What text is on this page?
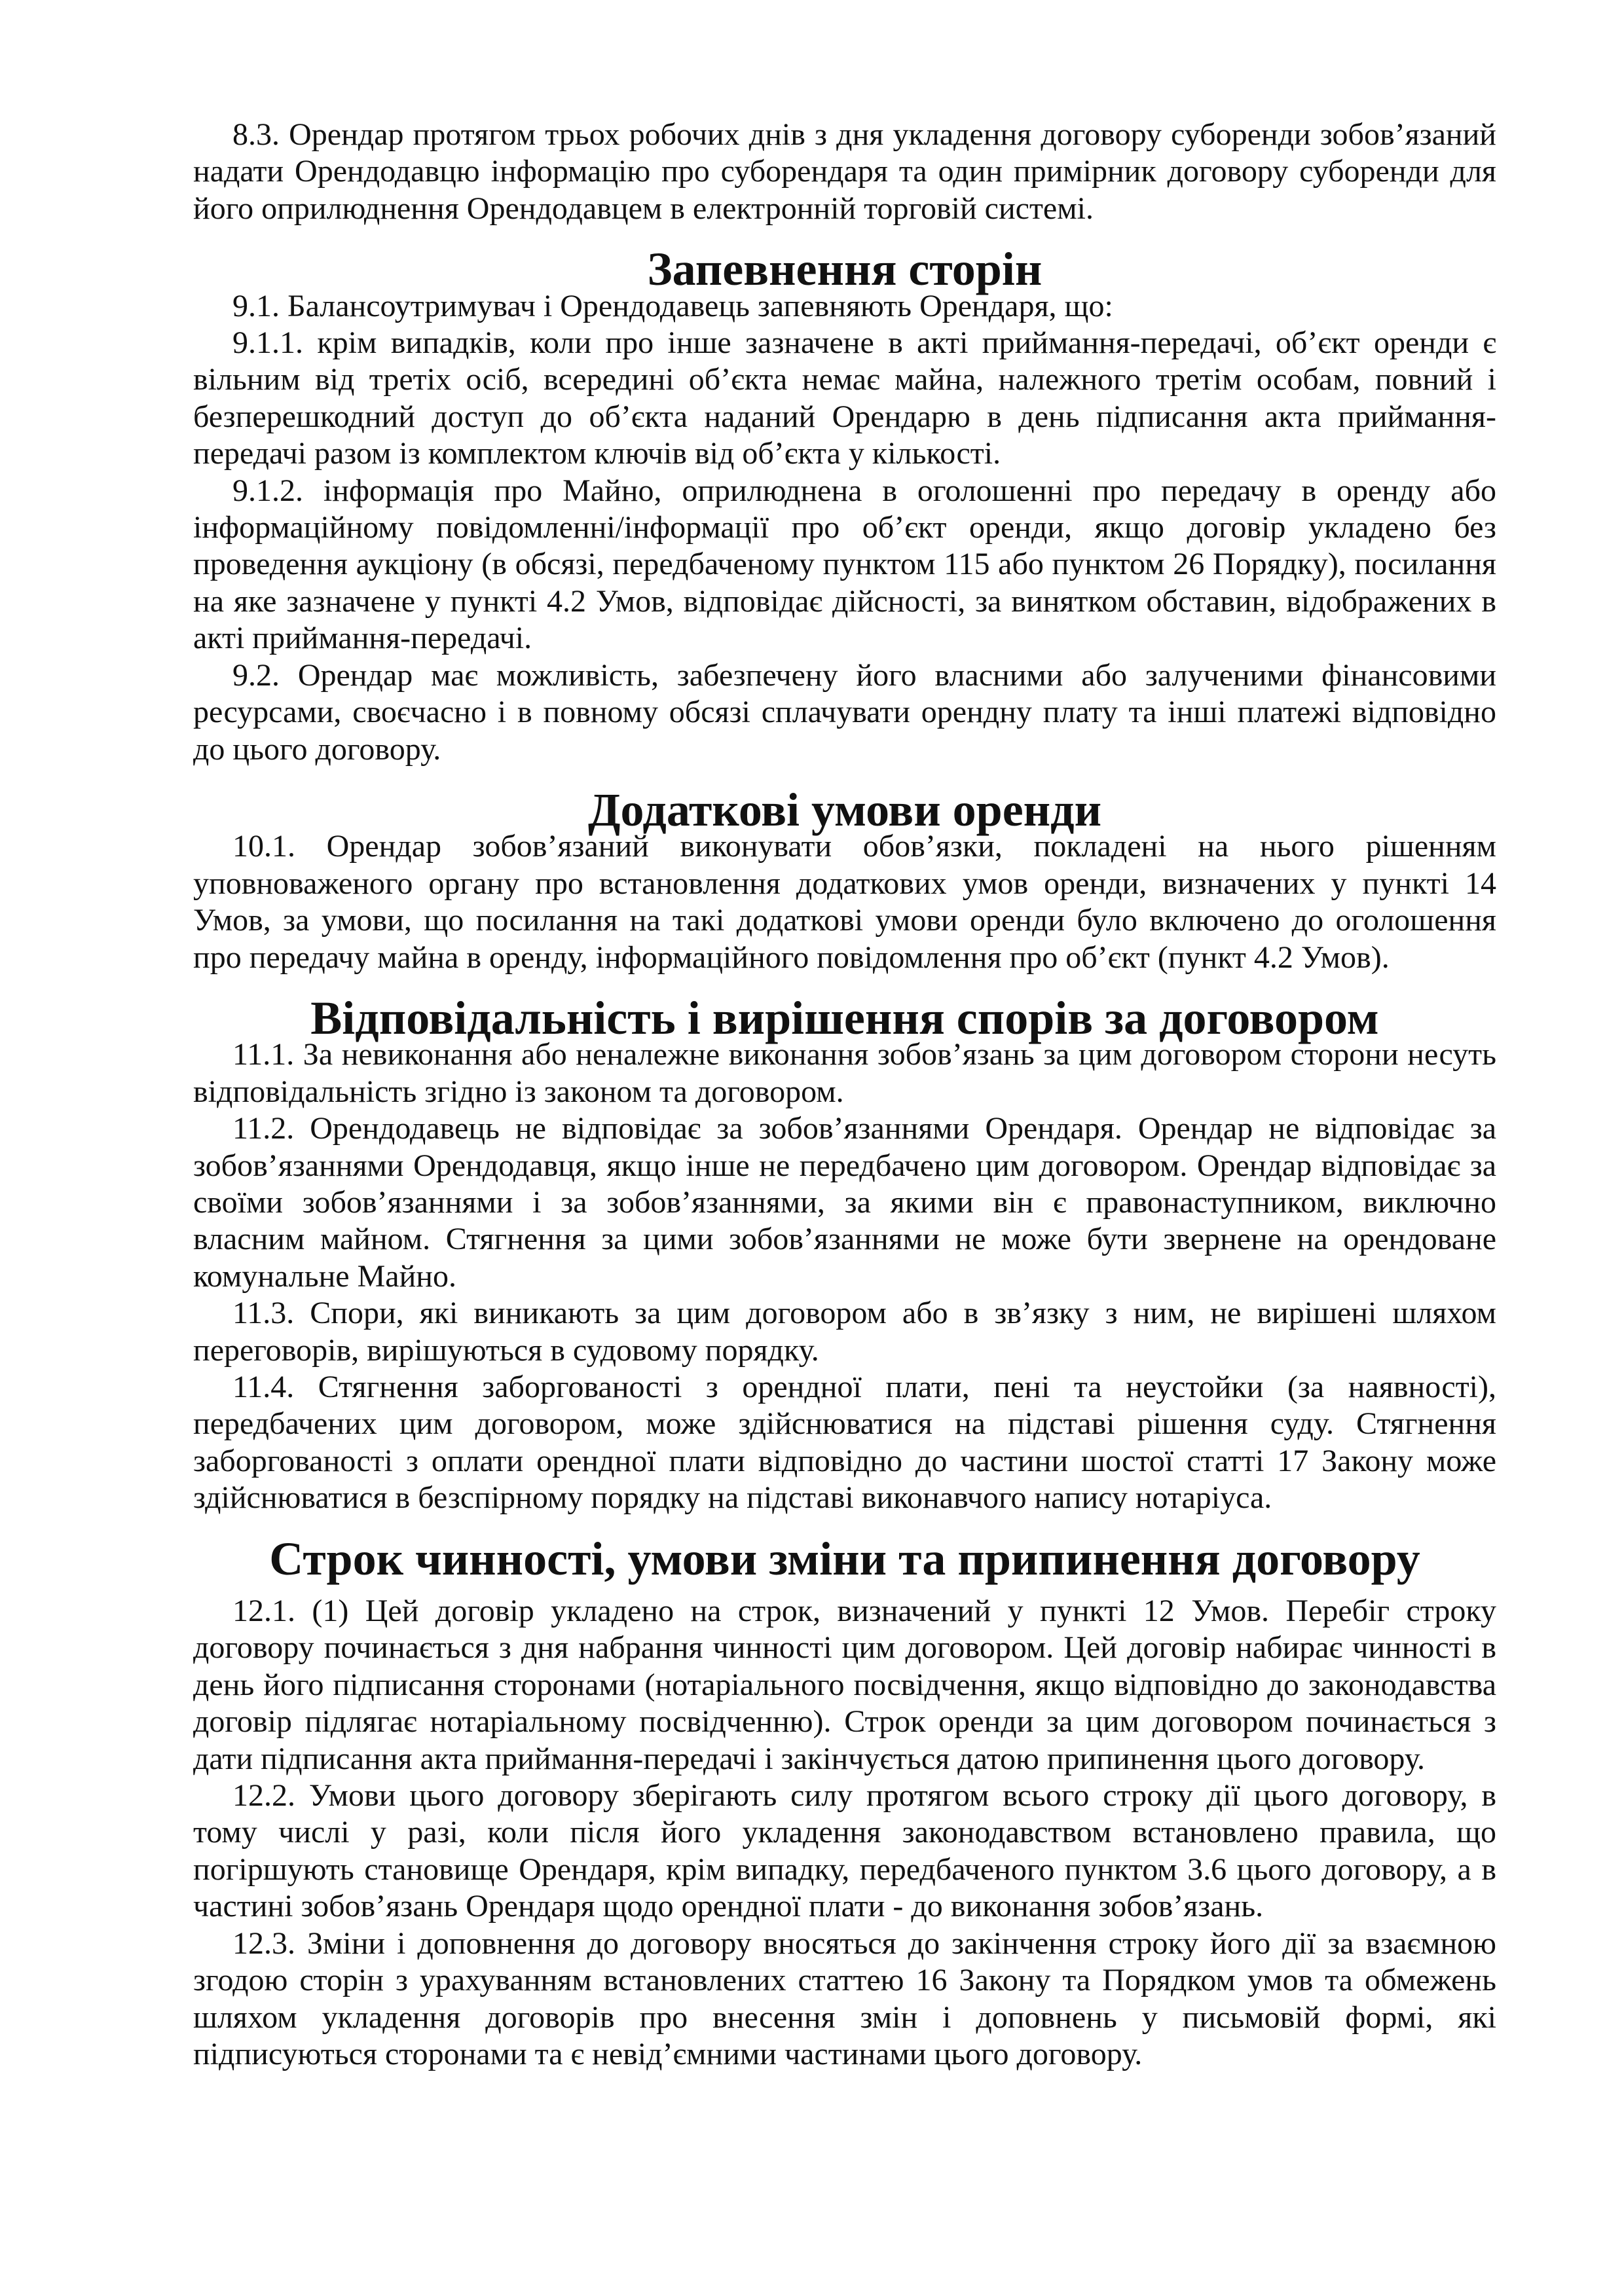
8.3. Орендар протягом трьох робочих днів з дня укладення договору суборенди зобов’язаний надати Орендодавцю інформацію про суборендаря та один примірник договору суборенди для його оприлюднення Орендодавцем в електронній торговій системі.

Запевнення сторін

9.1. Балансоутримувач і Орендодавець запевняють Орендаря, що:

9.1.1. крім випадків, коли про інше зазначене в акті приймання-передачі, об’єкт оренди є вільним від третіх осіб, всередині об’єкта немає майна, належного третім особам, повний і безперешкодний доступ до об’єкта наданий Орендарю в день підписання акта приймання-передачі разом із комплектом ключів від об’єкта у кількості.

9.1.2. інформація про Майно, оприлюднена в оголошенні про передачу в оренду або інформаційному повідомленні/інформації про об’єкт оренди, якщо договір укладено без проведення аукціону (в обсязі, передбаченому пунктом 115 або пунктом 26 Порядку), посилання на яке зазначене у пункті 4.2 Умов, відповідає дійсності, за винятком обставин, відображених в акті приймання-передачі.

9.2. Орендар має можливість, забезпечену його власними або залученими фінансовими ресурсами, своєчасно і в повному обсязі сплачувати орендну плату та інші платежі відповідно до цього договору.

Додаткові умови оренди

10.1. Орендар зобов’язаний виконувати обов’язки, покладені на нього рішенням уповноваженого органу про встановлення додаткових умов оренди, визначених у пункті 14 Умов, за умови, що посилання на такі додаткові умови оренди було включено до оголошення про передачу майна в оренду, інформаційного повідомлення про об’єкт (пункт 4.2 Умов).

Відповідальність і вирішення спорів за договором

11.1. За невиконання або неналежне виконання зобов’язань за цим договором сторони несуть відповідальність згідно із законом та договором.

11.2. Орендодавець не відповідає за зобов’язаннями Орендаря. Орендар не відповідає за зобов’язаннями Орендодавця, якщо інше не передбачено цим договором. Орендар відповідає за своїми зобов’язаннями і за зобов’язаннями, за якими він є правонаступником, виключно власним майном. Стягнення за цими зобов’язаннями не може бути звернене на орендоване комунальне Майно.

11.3. Спори, які виникають за цим договором або в зв’язку з ним, не вирішені шляхом переговорів, вирішуються в судовому порядку.

11.4. Стягнення заборгованості з орендної плати, пені та неустойки (за наявності), передбачених цим договором, може здійснюватися на підставі рішення суду. Стягнення заборгованості з оплати орендної плати відповідно до частини шостої статті 17 Закону може здійснюватися в безспірному порядку на підставі виконавчого напису нотаріуса.

Строк чинності, умови зміни та припинення договору

12.1. (1) Цей договір укладено на строк, визначений у пункті 12 Умов. Перебіг строку договору починається з дня набрання чинності цим договором. Цей договір набирає чинності в день його підписання сторонами (нотаріального посвідчення, якщо відповідно до законодавства договір підлягає нотаріальному посвідченню). Строк оренди за цим договором починається з дати підписання акта приймання-передачі і закінчується датою припинення цього договору.

12.2. Умови цього договору зберігають силу протягом всього строку дії цього договору, в тому числі у разі, коли після його укладення законодавством встановлено правила, що погіршують становище Орендаря, крім випадку, передбаченого пунктом 3.6 цього договору, а в частині зобов’язань Орендаря щодо орендної плати - до виконання зобов’язань.

12.3. Зміни і доповнення до договору вносяться до закінчення строку його дії за взаємною згодою сторін з урахуванням встановлених статтею 16 Закону та Порядком умов та обмежень шляхом укладення договорів про внесення змін і доповнень у письмовій формі, які підписуються сторонами та є невід’ємними частинами цього договору.
